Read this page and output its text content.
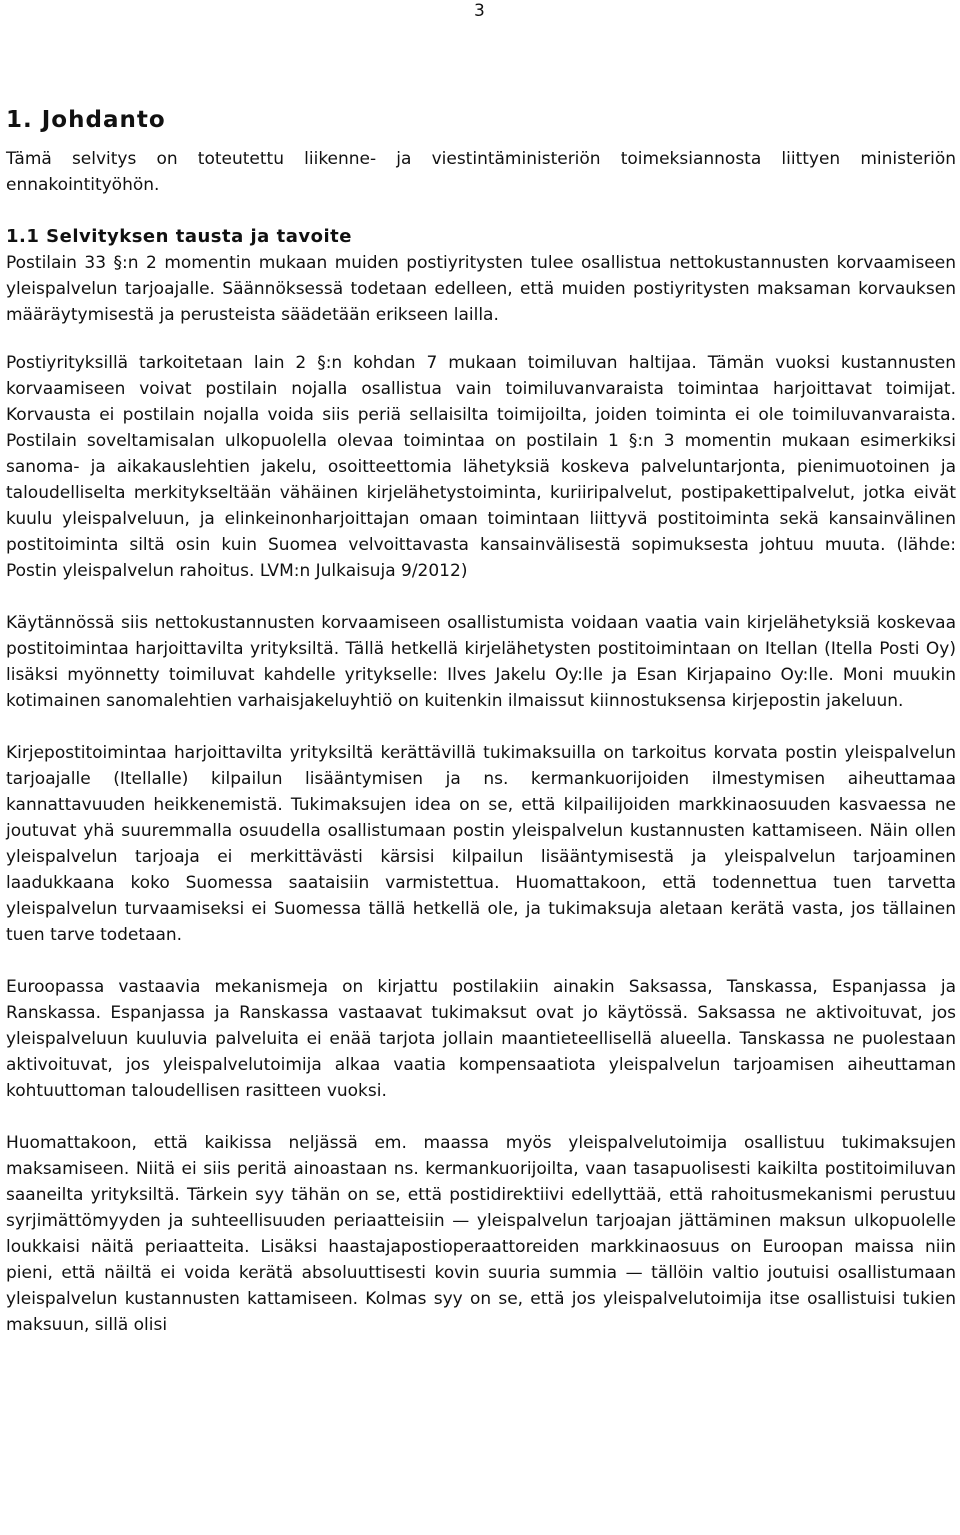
3
1. Johdanto

Tämä selvitys on toteutettu liikenne- ja viestintäministeriön toimeksiannosta liittyen ministeriön ennakointityöhön.

1.1 Selvityksen tausta ja tavoite

Postilain 33 §:n 2 momentin mukaan muiden postiyritysten tulee osallistua nettokustannusten korvaamiseen yleispalvelun tarjoajalle. Säännöksessä todetaan edelleen, että muiden postiyritysten maksaman korvauksen määräytymisestä ja perusteista säädetään erikseen lailla.

Postiyrityksillä tarkoitetaan lain 2 §:n kohdan 7 mukaan toimiluvan haltijaa. Tämän vuoksi kustannusten korvaamiseen voivat postilain nojalla osallistua vain toimiluvanvaraista toimintaa harjoittavat toimijat. Korvausta ei postilain nojalla voida siis periä sellaisilta toimijoilta, joiden toiminta ei ole toimiluvanvaraista. Postilain soveltamisalan ulkopuolella olevaa toimintaa on postilain 1 §:n 3 momentin mukaan esimerkiksi sanoma- ja aikakauslehtien jakelu, osoitteettomia lähetyksiä koskeva palveluntarjonta, pienimuotoinen ja taloudelliselta merkitykseltään vähäinen kirjelähetystoiminta, kuriiripalvelut, postipakettipalvelut, jotka eivät kuulu yleispalveluun, ja elinkeinonharjoittajan omaan toimintaan liittyvä postitoiminta sekä kansainvälinen postitoiminta siltä osin kuin Suomea velvoittavasta kansainvälisestä sopimuksesta johtuu muuta. (lähde: Postin yleispalvelun rahoitus. LVM:n Julkaisuja 9/2012)

Käytännössä siis nettokustannusten korvaamiseen osallistumista voidaan vaatia vain kirjelähetyksiä koskevaa postitoimintaa harjoittavilta yrityksiltä. Tällä hetkellä kirjelähetysten postitoimintaan on Itellan (Itella Posti Oy) lisäksi myönnetty toimiluvat kahdelle yritykselle: Ilves Jakelu Oy:lle ja Esan Kirjapaino Oy:lle. Moni muukin kotimainen sanomalehtien varhaisjakeluyhtiö on kuitenkin ilmaissut kiinnostuksensa kirjepostin jakeluun.

Kirjepostitoimintaa harjoittavilta yrityksiltä kerättävillä tukimaksuilla on tarkoitus korvata postin yleispalvelun tarjoajalle (Itellalle) kilpailun lisääntymisen ja ns. kermankuorijoiden ilmestymisen aiheuttamaa kannattavuuden heikkenemistä. Tukimaksujen idea on se, että kilpailijoiden markkinaosuuden kasvaessa ne joutuvat yhä suuremmalla osuudella osallistumaan postin yleispalvelun kustannusten kattamiseen. Näin ollen yleispalvelun tarjoaja ei merkittävästi kärsisi kilpailun lisääntymisestä ja yleispalvelun tarjoaminen laadukkaana koko Suomessa saataisiin varmistettua. Huomattakoon, että todennettua tuen tarvetta yleispalvelun turvaamiseksi ei Suomessa tällä hetkellä ole, ja tukimaksuja aletaan kerätä vasta, jos tällainen tuen tarve todetaan.

Euroopassa vastaavia mekanismeja on kirjattu postilakiin ainakin Saksassa, Tanskassa, Espanjassa ja Ranskassa. Espanjassa ja Ranskassa vastaavat tukimaksut ovat jo käytössä. Saksassa ne aktivoituvat, jos yleispalveluun kuuluvia palveluita ei enää tarjota jollain maantieteellisellä alueella. Tanskassa ne puolestaan aktivoituvat, jos yleispalvelutoimija alkaa vaatia kompensaatiota yleispalvelun tarjoamisen aiheuttaman kohtuuttoman taloudellisen rasitteen vuoksi.

Huomattakoon, että kaikissa neljässä em. maassa myös yleispalvelutoimija osallistuu tukimaksujen maksamiseen. Niitä ei siis peritä ainoastaan ns. kermankuorijoilta, vaan tasapuolisesti kaikilta postitoimiluvan saaneilta yrityksiltä. Tärkein syy tähän on se, että postidirektiivi edellyttää, että rahoitusmekanismi perustuu syrjimättömyyden ja suhteellisuuden periaatteisiin — yleispalvelun tarjoajan jättäminen maksun ulkopuolelle loukkaisi näitä periaatteita. Lisäksi haastajapostioperaattoreiden markkinaosuus on Euroopan maissa niin pieni, että näiltä ei voida kerätä absoluuttisesti kovin suuria summia — tällöin valtio joutuisi osallistumaan yleispalvelun kustannusten kattamiseen. Kolmas syy on se, että jos yleispalvelutoimija itse osallistuisi tukien maksuun, sillä olisi
